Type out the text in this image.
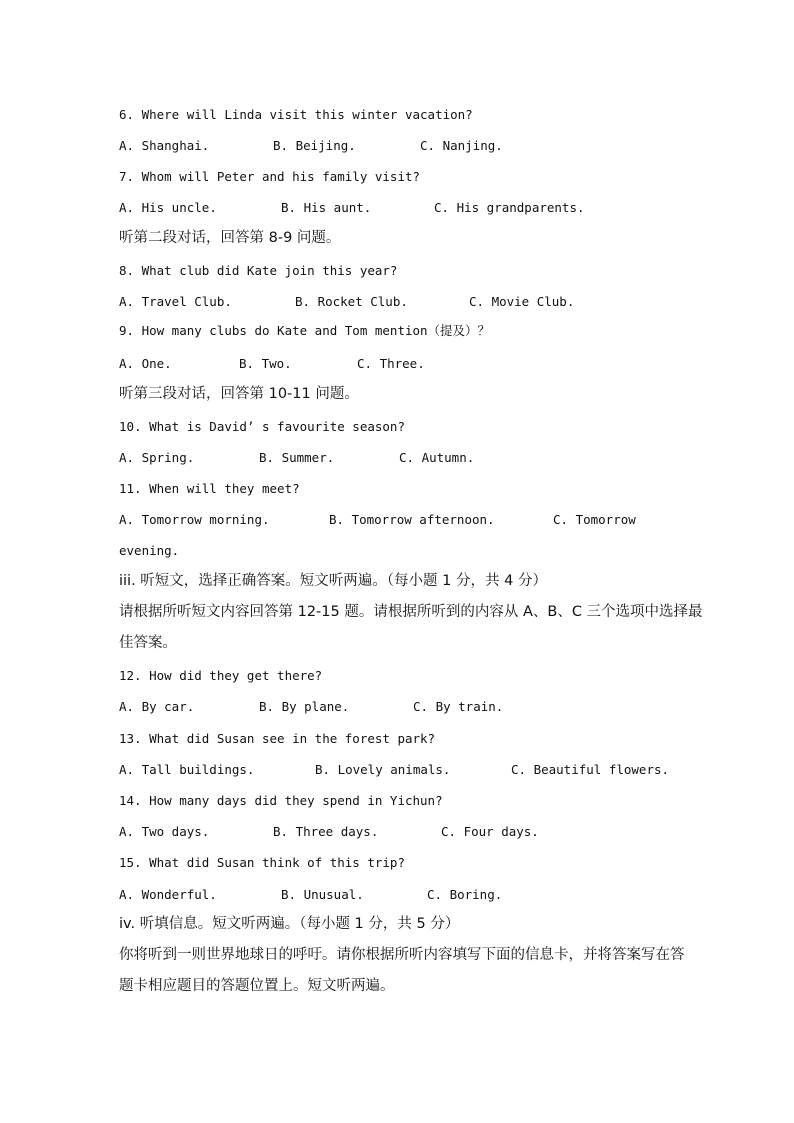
6. Where will Linda visit this winter vacation?
A. Shanghai.	B. Beijing.	C. Nanjing.
7. Whom will Peter and his family visit?
A. His uncle.	B. His aunt.	C. His grandparents.
听第二段对话，回答第 8-9 问题。
8. What club did Kate join this year?
A. Travel Club.	B. Rocket Club.	C. Movie Club.
9. How many clubs do Kate and Tom mention（提及）？
A. One.	B. Two.	C. Three.
听第三段对话，回答第 10-11 问题。
10. What is David’ s favourite season?
A. Spring.	B. Summer.	C. Autumn.
11. When will they meet?
A. Tomorrow morning.	B. Tomorrow afternoon.	C. Tomorrow
evening.
iii. 听短文，选择正确答案。短文听两遍。（每小题 1 分，共 4 分）
请根据所听短文内容回答第 12-15 题。请根据所听到的内容从 A、B、C 三个选项中选择最
佳答案。
12. How did they get there?
A. By car.	B. By plane.	C. By train.
13. What did Susan see in the forest park?
A. Tall buildings.	B. Lovely animals.	C. Beautiful flowers.
14. How many days did they spend in Yichun?
A. Two days.	B. Three days.	C. Four days.
15. What did Susan think of this trip?
A. Wonderful.	B. Unusual.	C. Boring.
iv. 听填信息。短文听两遍。（每小题 1 分，共 5 分）
你将听到一则世界地球日的呼吁。请你根据所听内容填写下面的信息卡，并将答案写在答
题卡相应题目的答题位置上。短文听两遍。
